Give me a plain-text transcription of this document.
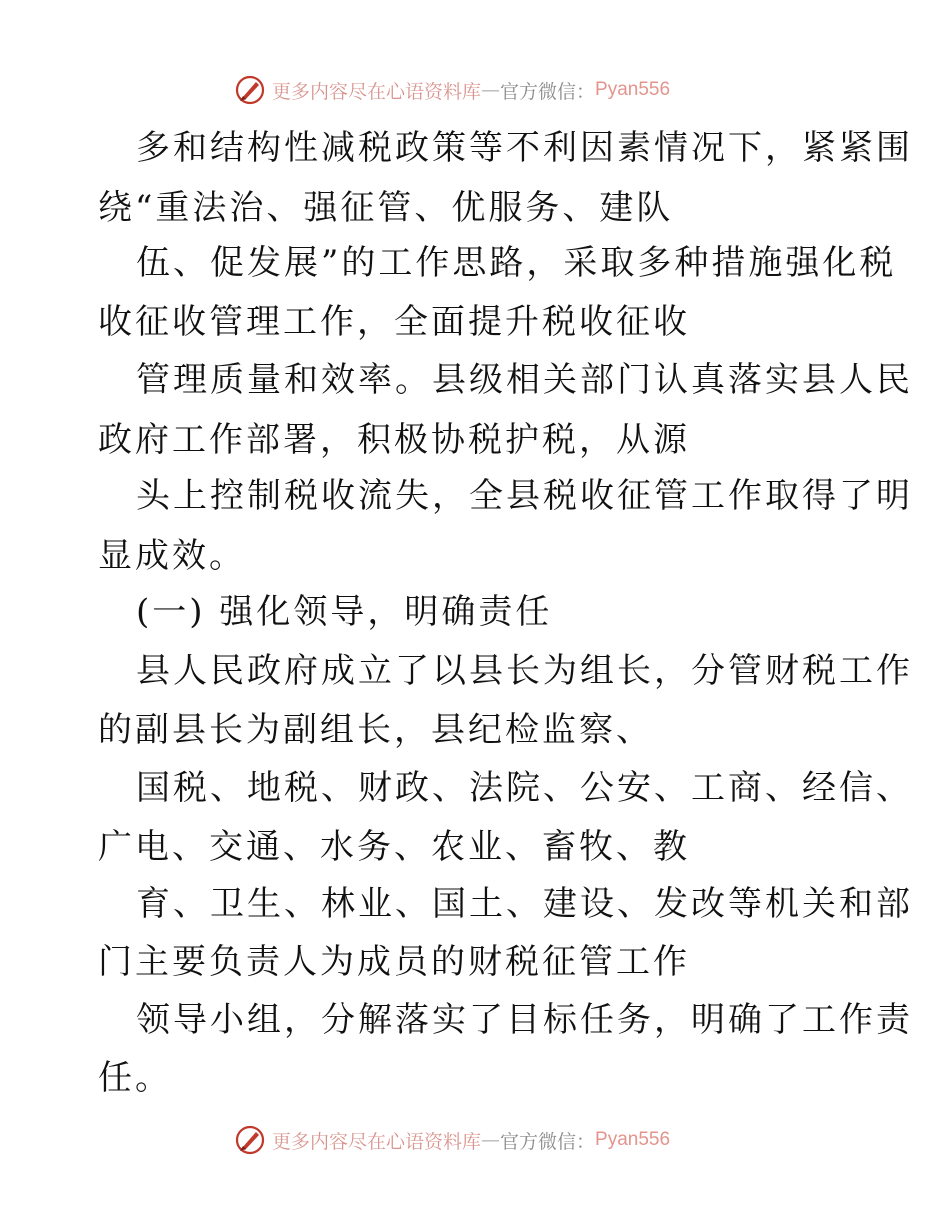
更多内容尽在心语资料库 — 官方微信： Pyan556
多和结构性减税政策等不利因素情况下，紧紧围
绕“重法治、强征管、优服务、建队
伍、促发展”的工作思路，采取多种措施强化税
收征收管理工作，全面提升税收征收
管理质量和效率。县级相关部门认真落实县人民
政府工作部署，积极协税护税，从源
头上控制税收流失，全县税收征管工作取得了明
显成效。
(一) 强化领导，明确责任
县人民政府成立了以县长为组长，分管财税工作
的副县长为副组长，县纪检监察、
国税、地税、财政、法院、公安、工商、经信、
广电、交通、水务、农业、畜牧、教
育、卫生、林业、国土、建设、发改等机关和部
门主要负责人为成员的财税征管工作
领导小组，分解落实了目标任务，明确了工作责
任。
更多内容尽在心语资料库 — 官方微信： Pyan556
